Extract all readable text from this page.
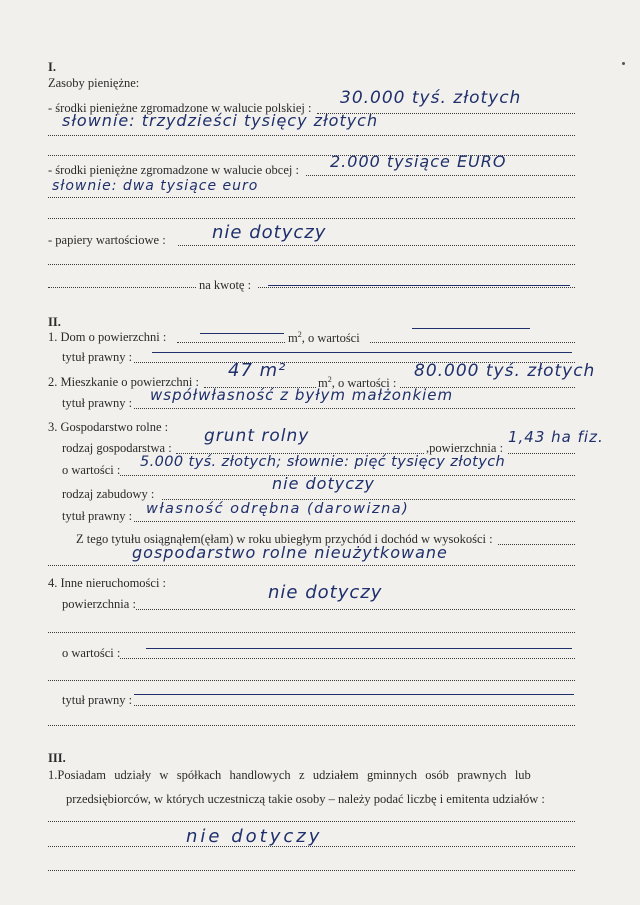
I.
Zasoby pieniężne:
- środki pieniężne zgromadzone w walucie polskiej : 30.000 tyś. złotych
słownie: trzydzieści tysięcy złotych
- środki pieniężne zgromadzone w walucie obcej : 2.000 tysiące EURO
słownie: dwa tysiące euro
- papiery wartościowe :	nie dotyczy
na kwotę :
II.
1. Dom o powierzchni :	$m^2$, o wartości
tytuł prawny :
2. Mieszkanie o powierzchni :
47 m²
$m^2$, o wartości :
80.000 tyś. złotych
tytuł prawny : współwłasność z byłym małżonkiem
3. Gospodarstwo rolne :
rodzaj gospodarstwa :
grunt rolny
,powierzchnia :
1,43 ha fiz.
o wartości : 5.000 tyś. złotych; słownie: pięć tysięcy złotych
rodzaj zabudowy :
nie dotyczy
tytuł prawny : własność odrębna (darowizna)
Z tego tytułu osiągnąłem(ęłam) w roku ubiegłym przychód i dochód w wysokości :
gospodarstwo rolne nieużytkowane
4. Inne nieruchomości :
powierzchnia :
nie dotyczy
o wartości :
tytuł prawny :
III.
1.Posiadam udziały w spółkach handlowych z udziałem gminnych osób prawnych lub
przedsiębiorców, w których uczestniczą takie osoby – należy podać liczbę i emitenta udziałów :
nie dotyczy
